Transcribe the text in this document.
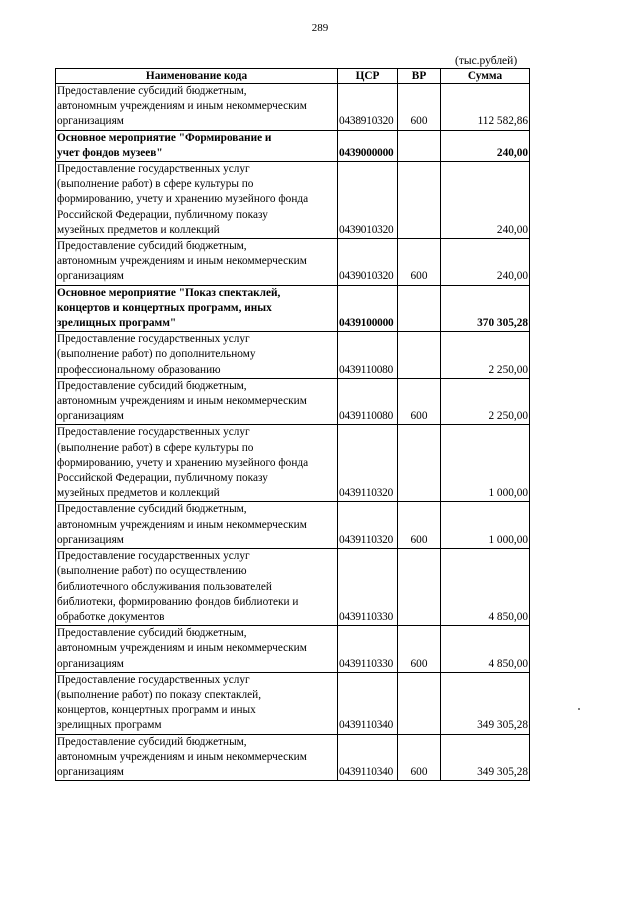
289
(тыс.рублей)
Наименование кода	ЦСР	ВР	Сумма
Предоставление субсидий бюджетным,
автономным учреждениям и иным некоммерческим
организациям	0438910320	600	112 582,86
Основное мероприятие "Формирование и
учет фондов музеев"	0439000000		240,00
Предоставление государственных услуг
(выполнение работ) в сфере культуры по
формированию, учету и хранению музейного фонда
Российской Федерации, публичному показу
музейных предметов и коллекций	0439010320		240,00
Предоставление субсидий бюджетным,
автономным учреждениям и иным некоммерческим
организациям	0439010320	600	240,00
Основное мероприятие "Показ спектаклей,
концертов и концертных программ, иных
зрелищных программ"	0439100000		370 305,28
Предоставление государственных услуг
(выполнение работ) по дополнительному
профессиональному образованию	0439110080		2 250,00
Предоставление субсидий бюджетным,
автономным учреждениям и иным некоммерческим
организациям	0439110080	600	2 250,00
Предоставление государственных услуг
(выполнение работ) в сфере культуры по
формированию, учету и хранению музейного фонда
Российской Федерации, публичному показу
музейных предметов и коллекций	0439110320		1 000,00
Предоставление субсидий бюджетным,
автономным учреждениям и иным некоммерческим
организациям	0439110320	600	1 000,00
Предоставление государственных услуг
(выполнение работ) по осуществлению
библиотечного обслуживания пользователей
библиотеки, формированию фондов библиотеки и
обработке документов	0439110330		4 850,00
Предоставление субсидий бюджетным,
автономным учреждениям и иным некоммерческим
организациям	0439110330	600	4 850,00
Предоставление государственных услуг
(выполнение работ) по показу спектаклей,
концертов, концертных программ и иных
зрелищных программ	0439110340		349 305,28
Предоставление субсидий бюджетным,
автономным учреждениям и иным некоммерческим
организациям	0439110340	600	349 305,28
